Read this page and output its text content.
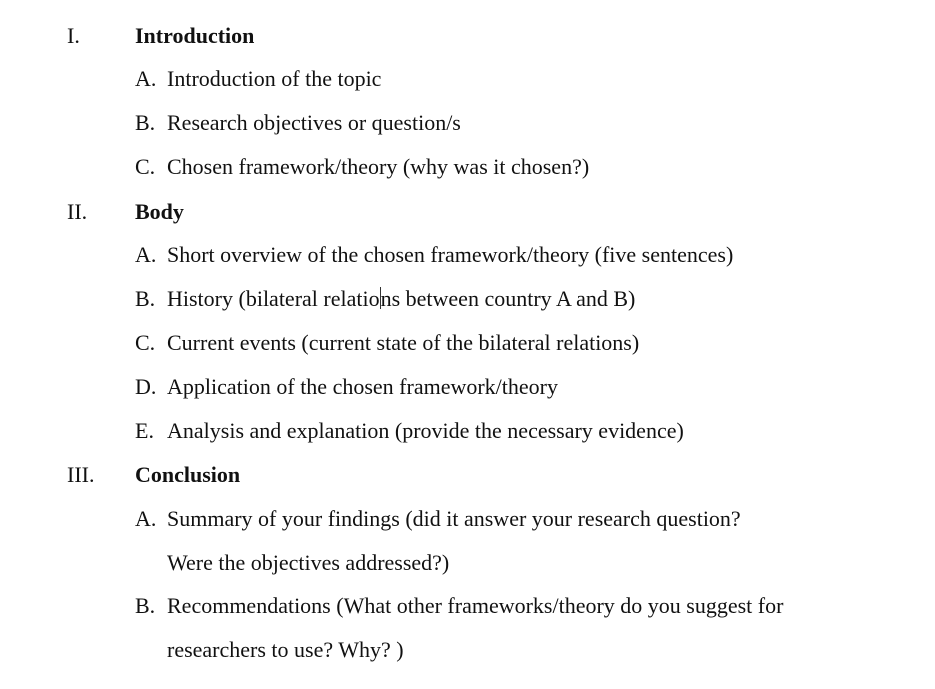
I.	Introduction
A. Introduction of the topic
B. Research objectives or question/s
C. Chosen framework/theory (why was it chosen?)
II. Body
A. Short overview of the chosen framework/theory (five sentences)
B. History (bilateral relations between country A and B)
C. Current events (current state of the bilateral relations)
D. Application of the chosen framework/theory
E. Analysis and explanation (provide the necessary evidence)
III. Conclusion
A. Summary of your findings (did it answer your research question?
Were the objectives addressed?)
B. Recommendations (What other frameworks/theory do you suggest for
researchers to use? Why? )
